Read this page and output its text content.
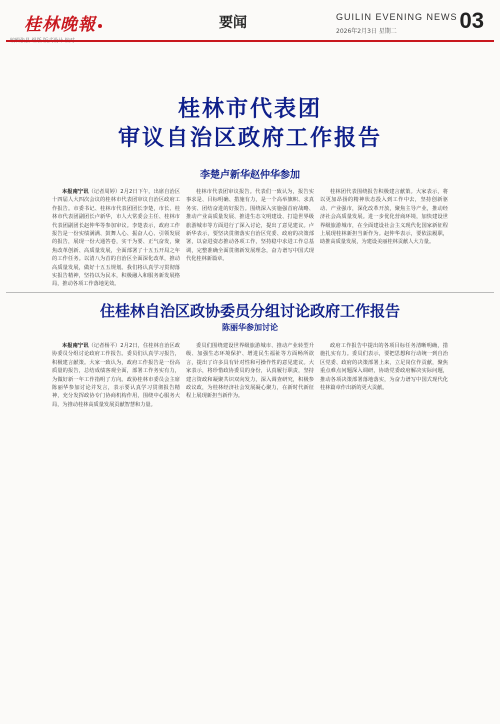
桂林晚報	要闻	GUILIN EVENING NEWS
2026年2月3日 星期二	03
桂林市代表团
审议自治区政府工作报告
李楚卢新华赵仲华参加

本报南宁讯（记者周婷）2月2日下午，出席自治区十四届人大四次会议的桂林市代表团审议自治区政府工作报告。市委书记、桂林市代表团团长李楚，市长、桂林市代表团副团长卢新华，市人大常委会主任、桂林市代表团副团长赵仲华等参加审议。李楚表示，政府工作报告是一份实绩满满、鼓舞人心、振奋人心、引领发展的报告，展现一份大通答卷，实干为要、正气奋发，聚焦改革创新、高质量发展，全面部署了十五五开局之年的工作任务。以清八为首的自治区全面深化改革，推动高质量发展，做好十五五规划。我们将认真学习贯彻落实报告精神，坚持以为民本，积极融入和服务新发展格局，推动各项工作落地见效。

桂林市代表团审议报告。代表们一致认为，报告实事求是、目标明确、措施有力，是一个高举旗帜、求真务实、团结奋进的好报告。围绕深入实施强首府战略、推动产业高质量发展、推进生态文明建设、打造世界级旅游城市等方面进行了深入讨论，提出了意见建议。卢新华表示，要坚决贯彻落实自治区党委、政府的决策部署，以奋进姿态推动各项工作，坚持稳中求进工作总基调，完整准确全面贯彻新发展理念，奋力谱写中国式现代化桂林新篇章。

桂林团代表围绕报告积极建言献策。大家表示，将以更加昂扬的精神状态投入到工作中去，坚持创新驱动、产业强市，深化改革开放，聚焦主导产业，推动经济社会高质量发展。进一步优化营商环境，加快建设世界级旅游城市，在全面建设社会主义现代化国家新征程上展现桂林新担当新作为。赵仲华表示，要依法履职，助推高质量发展，为建设美丽桂林贡献人大力量。

住桂林自治区政协委员分组讨论政府工作报告
陈丽华参加讨论

本报南宁讯（记者杨平）2月2日，住桂林自治区政协委员分组讨论政府工作报告。委员们认真学习报告，积极建言献策。大家一致认为，政府工作报告是一份高质量的报告，总结成绩客观全面，部署工作务实有力，为做好新一年工作指明了方向。政协桂林市委员会主席陈丽华参加讨论并发言，表示要认真学习贯彻报告精神，充分发挥政协专门协商机构作用，围绕中心服务大局，为推动桂林高质量发展贡献智慧和力量。

委员们围绕建设世界级旅游城市、推动产业转型升级、加强生态环境保护、增进民生福祉等方面畅所欲言，提出了许多具有针对性和可操作性的意见建议。大家表示，将珍惜政协委员的身份，认真履行职责，坚持建言资政和凝聚共识双向发力，深入调查研究，积极参政议政，为桂林经济社会发展凝心聚力，在新时代新征程上展现新担当新作为。

政府工作报告中提出的各项目标任务清晰明确，措施扎实有力。委员们表示，要把思想和行动统一到自治区党委、政府的决策部署上来，立足岗位作贡献，聚焦重点难点问题深入调研，协助党委政府解决实际问题，推动各项决策部署落地落实，为奋力谱写中国式现代化桂林篇章作出新的更大贡献。
